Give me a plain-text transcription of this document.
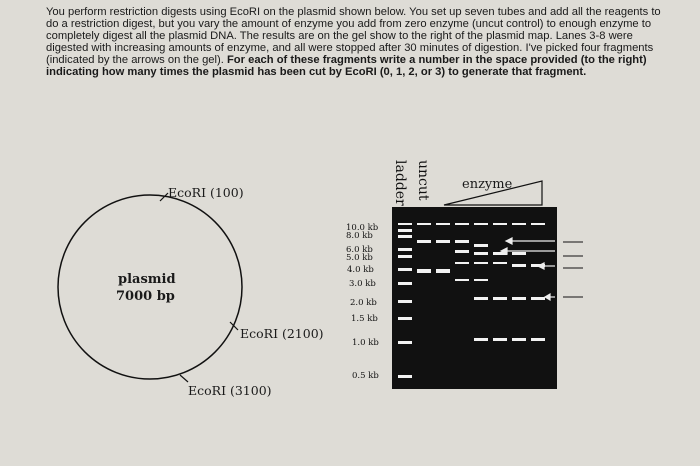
You perform restriction digests using EcoRI on the plasmid shown below. You set up seven tubes and add all the reagents to do a restriction digest, but you vary the amount of enzyme you add from zero enzyme (uncut control) to enough enzyme to completely digest all the plasmid DNA. The results are on the gel show to the right of the plasmid map. Lanes 3-8 were digested with increasing amounts of enzyme, and all were stopped after 30 minutes of digestion. I've picked four fragments (indicated by the arrows on the gel). For each of these fragments write a number in the space provided (to the right) indicating how many times the plasmid has been cut by EcoRI (0, 1, 2, or 3) to generate that fragment.
EcoRI (100)
EcoRI (2100)
EcoRI (3100)
plasmid
7000 bp
ladder uncut enzyme
10.0 kb
8.0 kb
6.0 kb
5.0 kb
4.0 kb
3.0 kb
2.0 kb
1.5 kb
1.0 kb
0.5 kb
